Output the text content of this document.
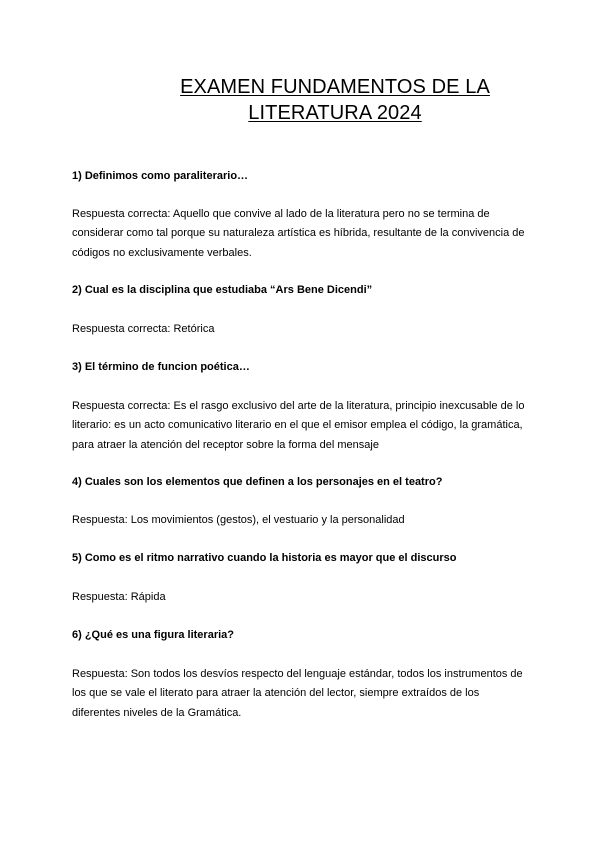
EXAMEN FUNDAMENTOS DE LA
LITERATURA 2024

1) Definimos como paraliterario…

Respuesta correcta: Aquello que convive al lado de la literatura pero no se termina de considerar como tal porque su naturaleza artística es híbrida, resultante de la convivencia de códigos no exclusivamente verbales.

2) Cual es la disciplina que estudiaba “Ars Bene Dicendi”

Respuesta correcta: Retórica

3) El término de funcion poética…

Respuesta correcta: Es el rasgo exclusivo del arte de la literatura, principio inexcusable de lo literario: es un acto comunicativo literario en el que el emisor emplea el código, la gramática, para atraer la atención del receptor sobre la forma del mensaje

4) Cuales son los elementos que definen a los personajes en el teatro?

Respuesta: Los movimientos (gestos), el vestuario y la personalidad

5) Como es el ritmo narrativo cuando la historia es mayor que el discurso

Respuesta: Rápida

6) ¿Qué es una figura literaria?

Respuesta: Son todos los desvíos respecto del lenguaje estándar, todos los instrumentos de los que se vale el literato para atraer la atención del lector, siempre extraídos de los diferentes niveles de la Gramática.
